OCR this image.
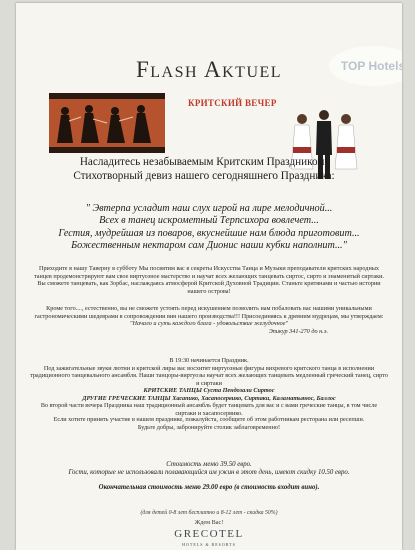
Flash Aktuel	TOP Hotels
КРИТСКИЙ ВЕЧЕР
Насладитесь незабываемым Критским Праздником! Стихотворный девиз нашего сегодняшнего Праздника:
" Эвтерпа усладит наш слух игрой на лире мелодичной...
Всех в танец искрометный Терпсихора вовлечет...
Гестия, мудрейшая из поваров, вкуснейшие нам блюда приготовит...
Божественным нектаром сам Дионис наши кубки наполнит..."

Приходите в нашу Таверну в субботу Мы посвятим вас в секреты Искусства Танца и Музыки преподаватели критских народных танцев продемонстрируют вам свое виртуозное мастерство и научат всех желающих танцевать сиртос, сирто и знаменитый сиртаки. Вы сможете танцевать, как Зорбас, наслаждаясь атмосферой Критской Духовной Традиции. Станьте критянами и частью истории нашего острова!

Кроме того...., естественно, вы не сможете устоять перед искушением позволить нам побаловать вас нашими уникальными гастрономическими шедеврами в сопровождении вин нашего производства!!! Присоединяясь к древним мудрецам, мы утверждаем:

"Начало и суть каждого блага - удовольствие желудочное"

Эпикур 341-270 до н.э.

В 19:30 начинается Праздник.

Под зажигательные звуки лютни и критской лиры вас восхитят виртуозные фигуры вихревого критского танца в исполнении традиционного танцевального ансамбля. Наши танцоры-виртуозы научат всех желающих танцевать медленный греческий танец, сирто и сиртаки

КРИТСКИЕ ТАНЦЫ Суста Пендозали Сиртос

ДРУГИЕ ГРЕЧЕСКИЕ ТАНЦЫ Хасапико, Хасапосервико, Сиртаки, Каламатьянос, Баллос

Во второй части вечера Праздника наш традиционный ансамбль будет танцевать для вас и с вами греческие танцы, в том числе сиртаки и хасапосервико.

Если хотите принять участие в нашем празднике, пожалуйста, сообщите об этом работникам ресторана или ресепшн.

Будьте добры, забронируйте столик заблаговременно!

Стоимость меню 39.50 евро.

Гости, которые не использовали полавающийся им ужин в этот день, имеют скидку 10.50 евро.

Окончательная стоимость меню 29.00 евро (в стоимость входит вино).

(для детей 0-8 лет бесплатно и 8-12 лет - скидка 50%)
Ждем Вас!
GRECOTEL
HOTELS & RESORTS
